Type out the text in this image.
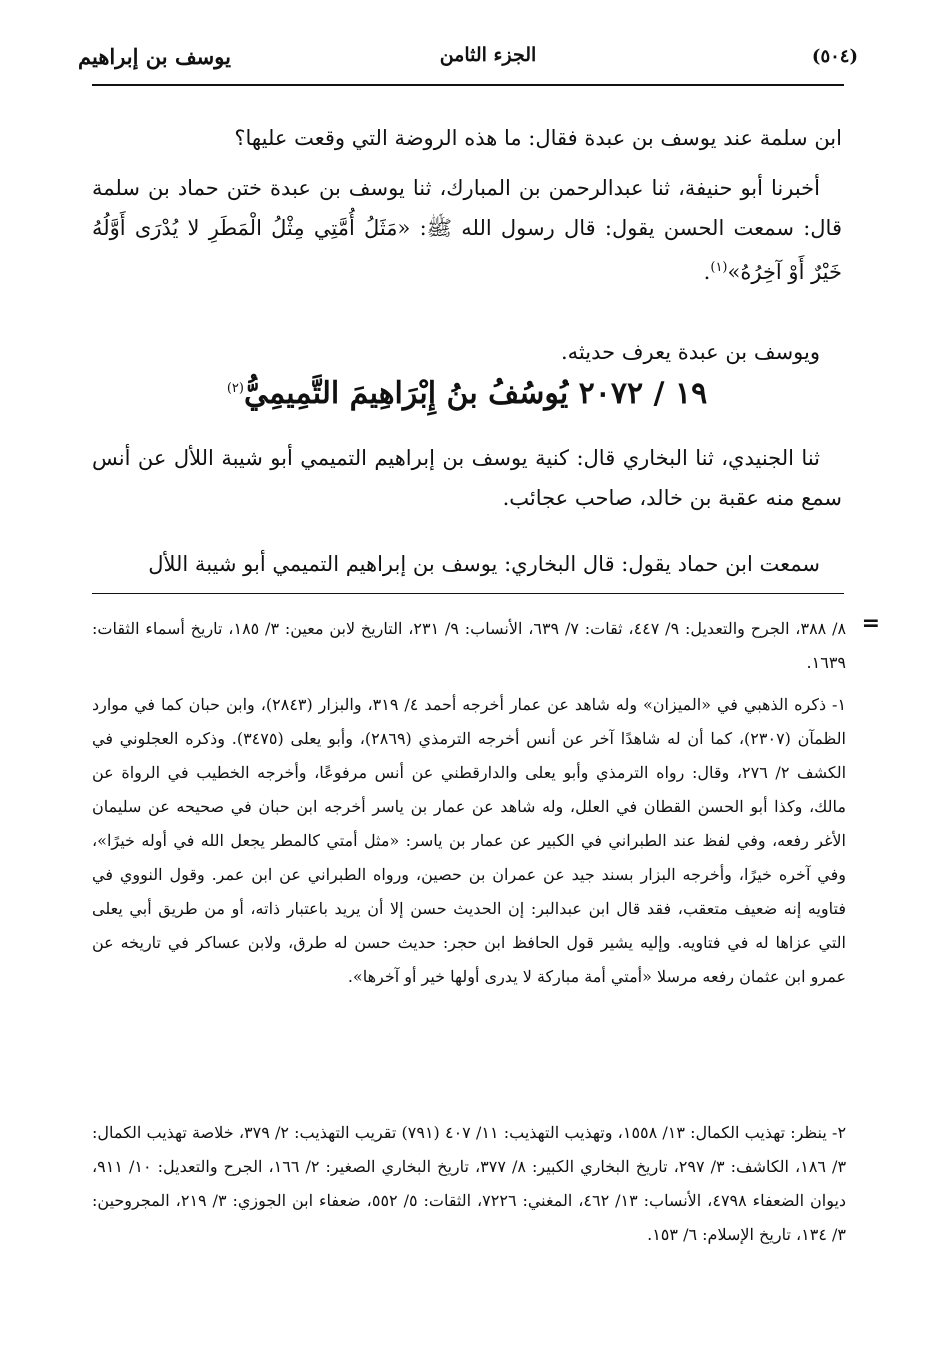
يوسف بن إبراهيم	الجزء الثامن	(٥٠٤)
ابن سلمة عند يوسف بن عبدة فقال: ما هذه الروضة التي وقعت عليها؟
أخبرنا أبو حنيفة، ثنا عبدالرحمن بن المبارك، ثنا يوسف بن عبدة ختن حماد بن سلمة قال: سمعت الحسن يقول: قال رسول الله ﷺ: «مَثَلُ أُمَّتِي مِثْلُ الْمَطَرِ لا يُدْرَى أَوَّلُهُ خَيْرٌ أَوْ آخِرُهُ»$^{(١)}$.
ويوسف بن عبدة يعرف حديثه.
١٩ / ٢٠٧٢ يُوسُفُ بنُ إِبْرَاهِيمَ التَّمِيمِيُّ$^{(٢)}$
ثنا الجنيدي، ثنا البخاري قال: كنية يوسف بن إبراهيم التميمي أبو شيبة اللأل عن أنس سمع منه عقبة بن خالد، صاحب عجائب.
سمعت ابن حماد يقول: قال البخاري: يوسف بن إبراهيم التميمي أبو شيبة اللأل
=
٨/ ٣٨٨، الجرح والتعديل: ٩/ ٤٤٧، ثقات: ٧/ ٦٣٩، الأنساب: ٩/ ٢٣١، التاريخ لابن معين: ٣/ ١٨٥، تاريخ أسماء الثقات: ١٦٣٩.
١- ذكره الذهبي في «الميزان» وله شاهد عن عمار أخرجه أحمد ٤/ ٣١٩، والبزار (٢٨٤٣)، وابن حبان كما في موارد الظمآن (٢٣٠٧)، كما أن له شاهدًا آخر عن أنس أخرجه الترمذي (٢٨٦٩)، وأبو يعلى (٣٤٧٥). وذكره العجلوني في الكشف ٢/ ٢٧٦، وقال: رواه الترمذي وأبو يعلى والدارقطني عن أنس مرفوعًا، وأخرجه الخطيب في الرواة عن مالك، وكذا أبو الحسن القطان في العلل، وله شاهد عن عمار بن ياسر أخرجه ابن حبان في صحيحه عن سليمان الأغر رفعه، وفي لفظ عند الطبراني في الكبير عن عمار بن ياسر: «مثل أمتي كالمطر يجعل الله في أوله خيرًا»، وفي آخره خيرًا، وأخرجه البزار بسند جيد عن عمران بن حصين، ورواه الطبراني عن ابن عمر. وقول النووي في فتاويه إنه ضعيف متعقب، فقد قال ابن عبدالبر: إن الحديث حسن إلا أن يريد باعتبار ذاته، أو من طريق أبي يعلى التي عزاها له في فتاويه. وإليه يشير قول الحافظ ابن حجر: حديث حسن له طرق، ولابن عساكر في تاريخه عن عمرو ابن عثمان رفعه مرسلا «أمتي أمة مباركة لا يدرى أولها خير أو آخرها».
٢- ينظر: تهذيب الكمال: ١٣/ ١٥٥٨، وتهذيب التهذيب: ١١/ ٤٠٧ (٧٩١) تقريب التهذيب: ٢/ ٣٧٩، خلاصة تهذيب الكمال: ٣/ ١٨٦، الكاشف: ٣/ ٢٩٧، تاريخ البخاري الكبير: ٨/ ٣٧٧، تاريخ البخاري الصغير: ٢/ ١٦٦، الجرح والتعديل: ١٠/ ٩١١، ديوان الضعفاء ٤٧٩٨، الأنساب: ١٣/ ٤٦٢، المغني: ٧٢٢٦، الثقات: ٥/ ٥٥٢، ضعفاء ابن الجوزي: ٣/ ٢١٩، المجروحين: ٣/ ١٣٤، تاريخ الإسلام: ٦/ ١٥٣.
